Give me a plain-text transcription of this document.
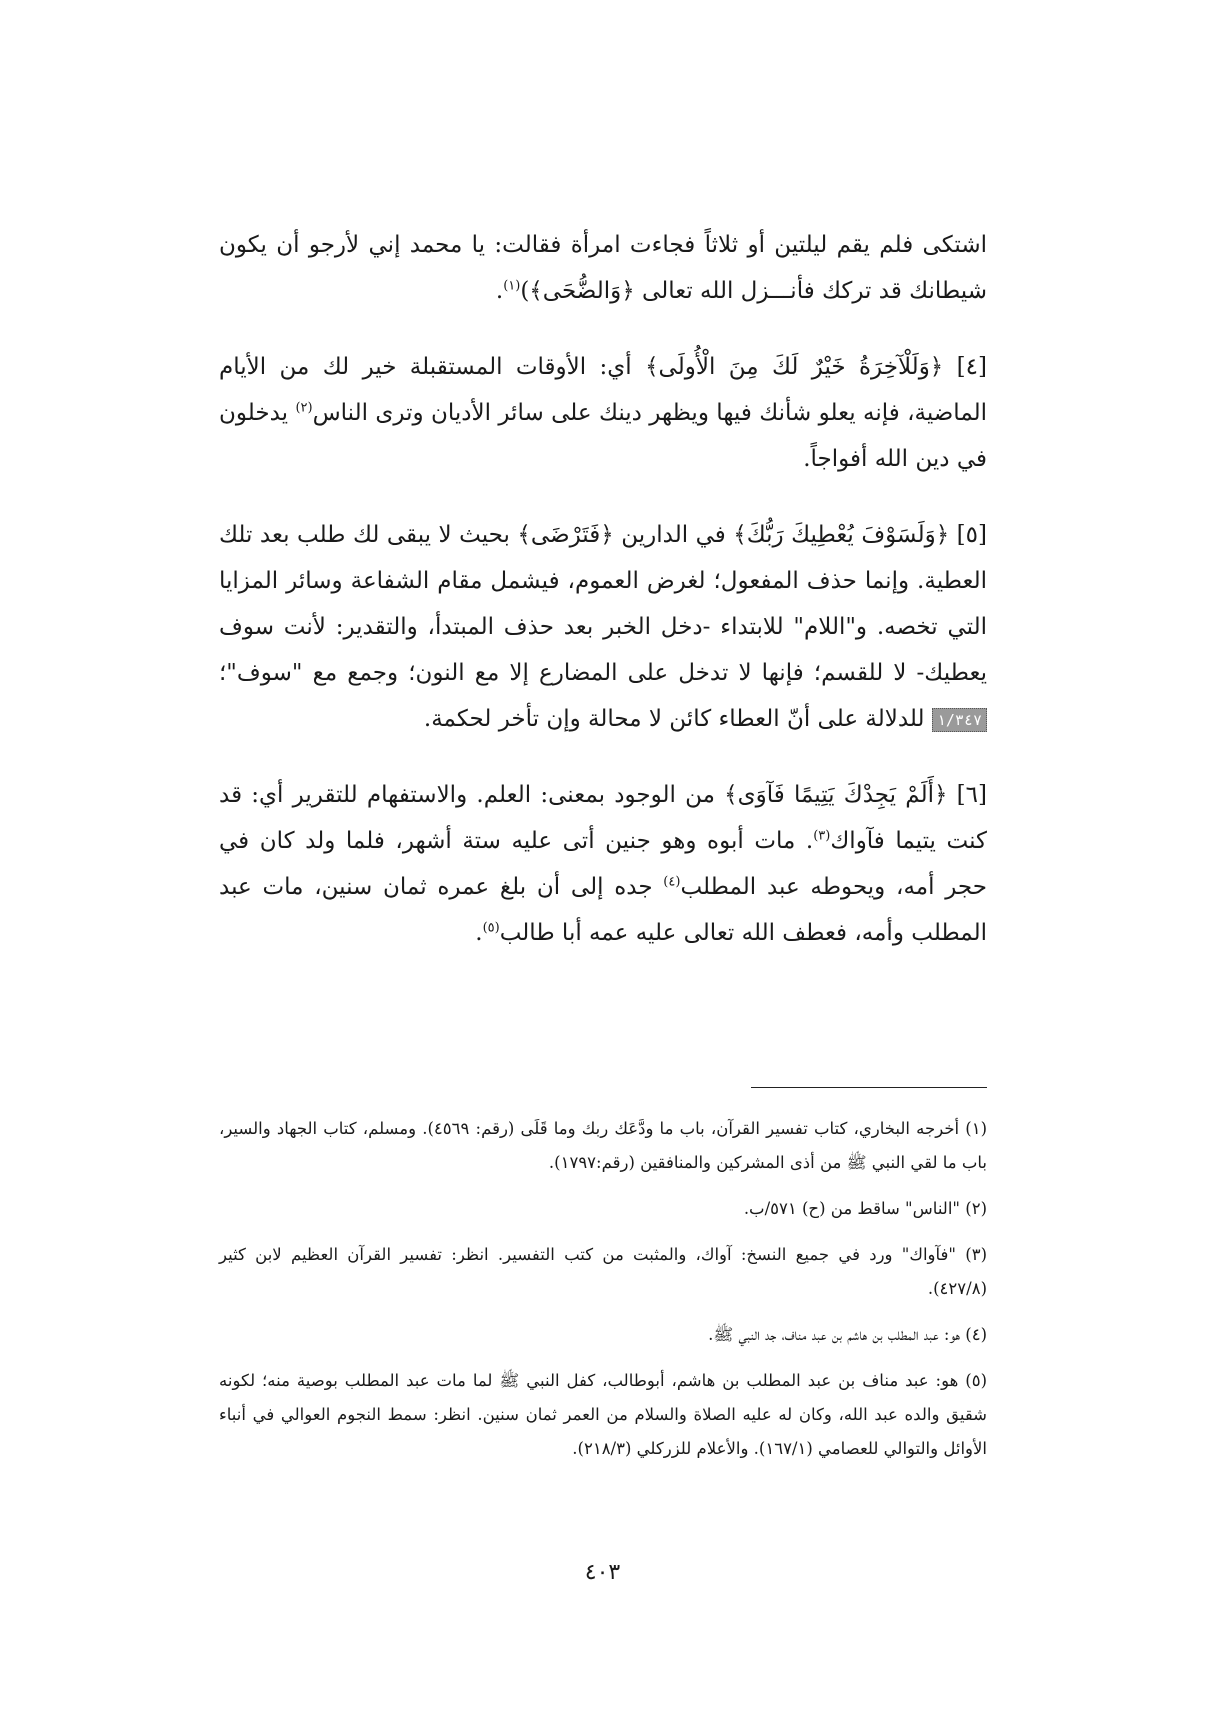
اشتكى فلم يقم ليلتين أو ثلاثاً فجاءت امرأة فقالت: يا محمد إني لأرجو أن يكون شيطانك قد تركك فأنـــزل الله تعالى ﴿وَالضُّحَى﴾)$^{(١)}$.

[٤] ﴿وَلَلْآخِرَةُ خَيْرٌ لَكَ مِنَ الْأُولَى﴾ أي: الأوقات المستقبلة خير لك من الأيام الماضية، فإنه يعلو شأنك فيها ويظهر دينك على سائر الأديان وترى الناس$^{(٢)}$ يدخلون في دين الله أفواجاً.

[٥] ﴿وَلَسَوْفَ يُعْطِيكَ رَبُّكَ﴾ في الدارين ﴿فَتَرْضَى﴾ بحيث لا يبقى لك طلب بعد تلك العطية. وإنما حذف المفعول؛ لغرض العموم، فيشمل مقام الشفاعة وسائر المزايا التي تخصه. و"اللام" للابتداء -دخل الخبر بعد حذف المبتدأ، والتقدير: لأنت سوف يعطيك- لا للقسم؛ فإنها لا تدخل على المضارع إلا مع النون؛ وجمع مع "سوف"؛ ١/٣٤٧ للدلالة على أنّ العطاء كائن لا محالة وإن تأخر لحكمة.

[٦] ﴿أَلَمْ يَجِدْكَ يَتِيمًا فَآوَى﴾ من الوجود بمعنى: العلم. والاستفهام للتقرير أي: قد كنت يتيما فآواك$^{(٣)}$. مات أبوه وهو جنين أتى عليه ستة أشهر، فلما ولد كان في حجر أمه، ويحوطه عبد المطلب$^{(٤)}$ جده إلى أن بلغ عمره ثمان سنين، مات عبد المطلب وأمه، فعطف الله تعالى عليه عمه أبا طالب$^{(٥)}$.

(١) أخرجه البخاري، كتاب تفسير القرآن، باب ما ودَّعَك ربك وما قَلَى (رقم: ٤٥٦٩). ومسلم، كتاب الجهاد والسير، باب ما لقي النبي ﷺ من أذى المشركين والمنافقين (رقم:١٧٩٧).

(٢) "الناس" ساقط من (ح) ٥٧١/ب.

(٣) "فآواك" ورد في جميع النسخ: آواك، والمثبت من كتب التفسير. انظر: تفسير القرآن العظيم لابن كثير (٤٢٧/٨).

(٤) هو: عبد المطلب بن هاشم بن عبد مناف، جد النبي ﷺ.

(٥) هو: عبد مناف بن عبد المطلب بن هاشم، أبوطالب، كفل النبي ﷺ لما مات عبد المطلب بوصية منه؛ لكونه شقيق والده عبد الله، وكان له عليه الصلاة والسلام من العمر ثمان سنين. انظر: سمط النجوم العوالي في أنباء الأوائل والتوالي للعصامي (١٦٧/١). والأعلام للزركلي (٢١٨/٣).

٤٠٣
